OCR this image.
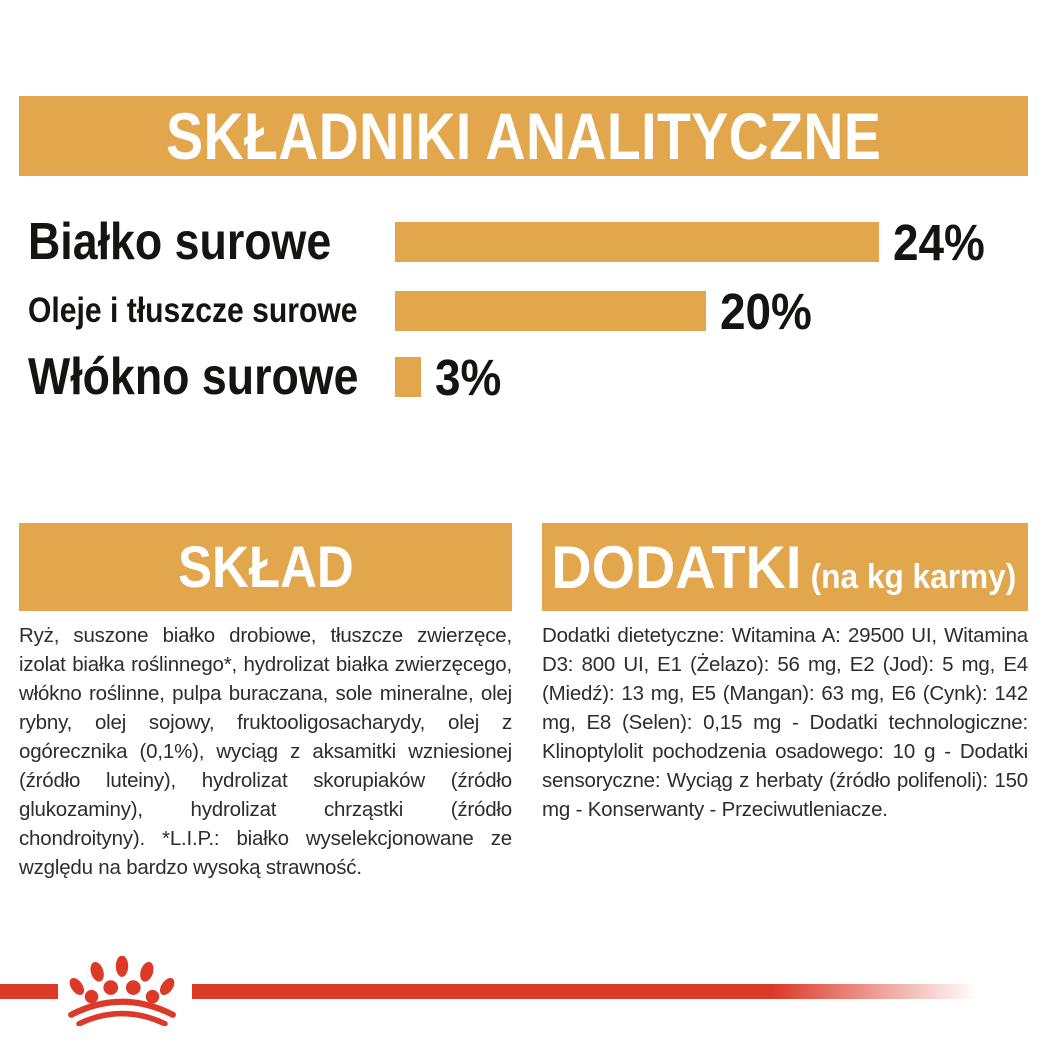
SKŁADNIKI ANALITYCZNE
Białko surowe	24%
Oleje i tłuszcze surowe	20%
Włókno surowe 3%
SKŁAD
Ryż, suszone białko drobiowe, tłuszcze zwierzęce, izolat białka roślinnego*, hydrolizat białka zwierzęcego, włókno roślinne, pulpa buraczana, sole mineralne, olej rybny, olej sojowy, fruktooligosacharydy, olej z ogórecznika (0,1%), wyciąg z aksamitki wzniesionej (źródło luteiny), hydrolizat skorupiaków (źródło glukozaminy), hydrolizat chrząstki (źródło chondroityny). *L.I.P.: białko wyselekcjonowane ze względu na bardzo wysoką strawność.
DODATKI (na kg karmy)
Dodatki dietetyczne: Witamina A: 29500 UI, Witamina D3: 800 UI, E1 (Żelazo): 56 mg, E2 (Jod): 5 mg, E4 (Miedź): 13 mg, E5 (Mangan): 63 mg, E6 (Cynk): 142 mg, E8 (Selen): 0,15 mg - Dodatki technologiczne: Klinoptylolit pochodzenia osadowego: 10 g - Dodatki sensoryczne: Wyciąg z herbaty (źródło polifenoli): 150 mg - Konserwanty - Przeciwutleniacze.
